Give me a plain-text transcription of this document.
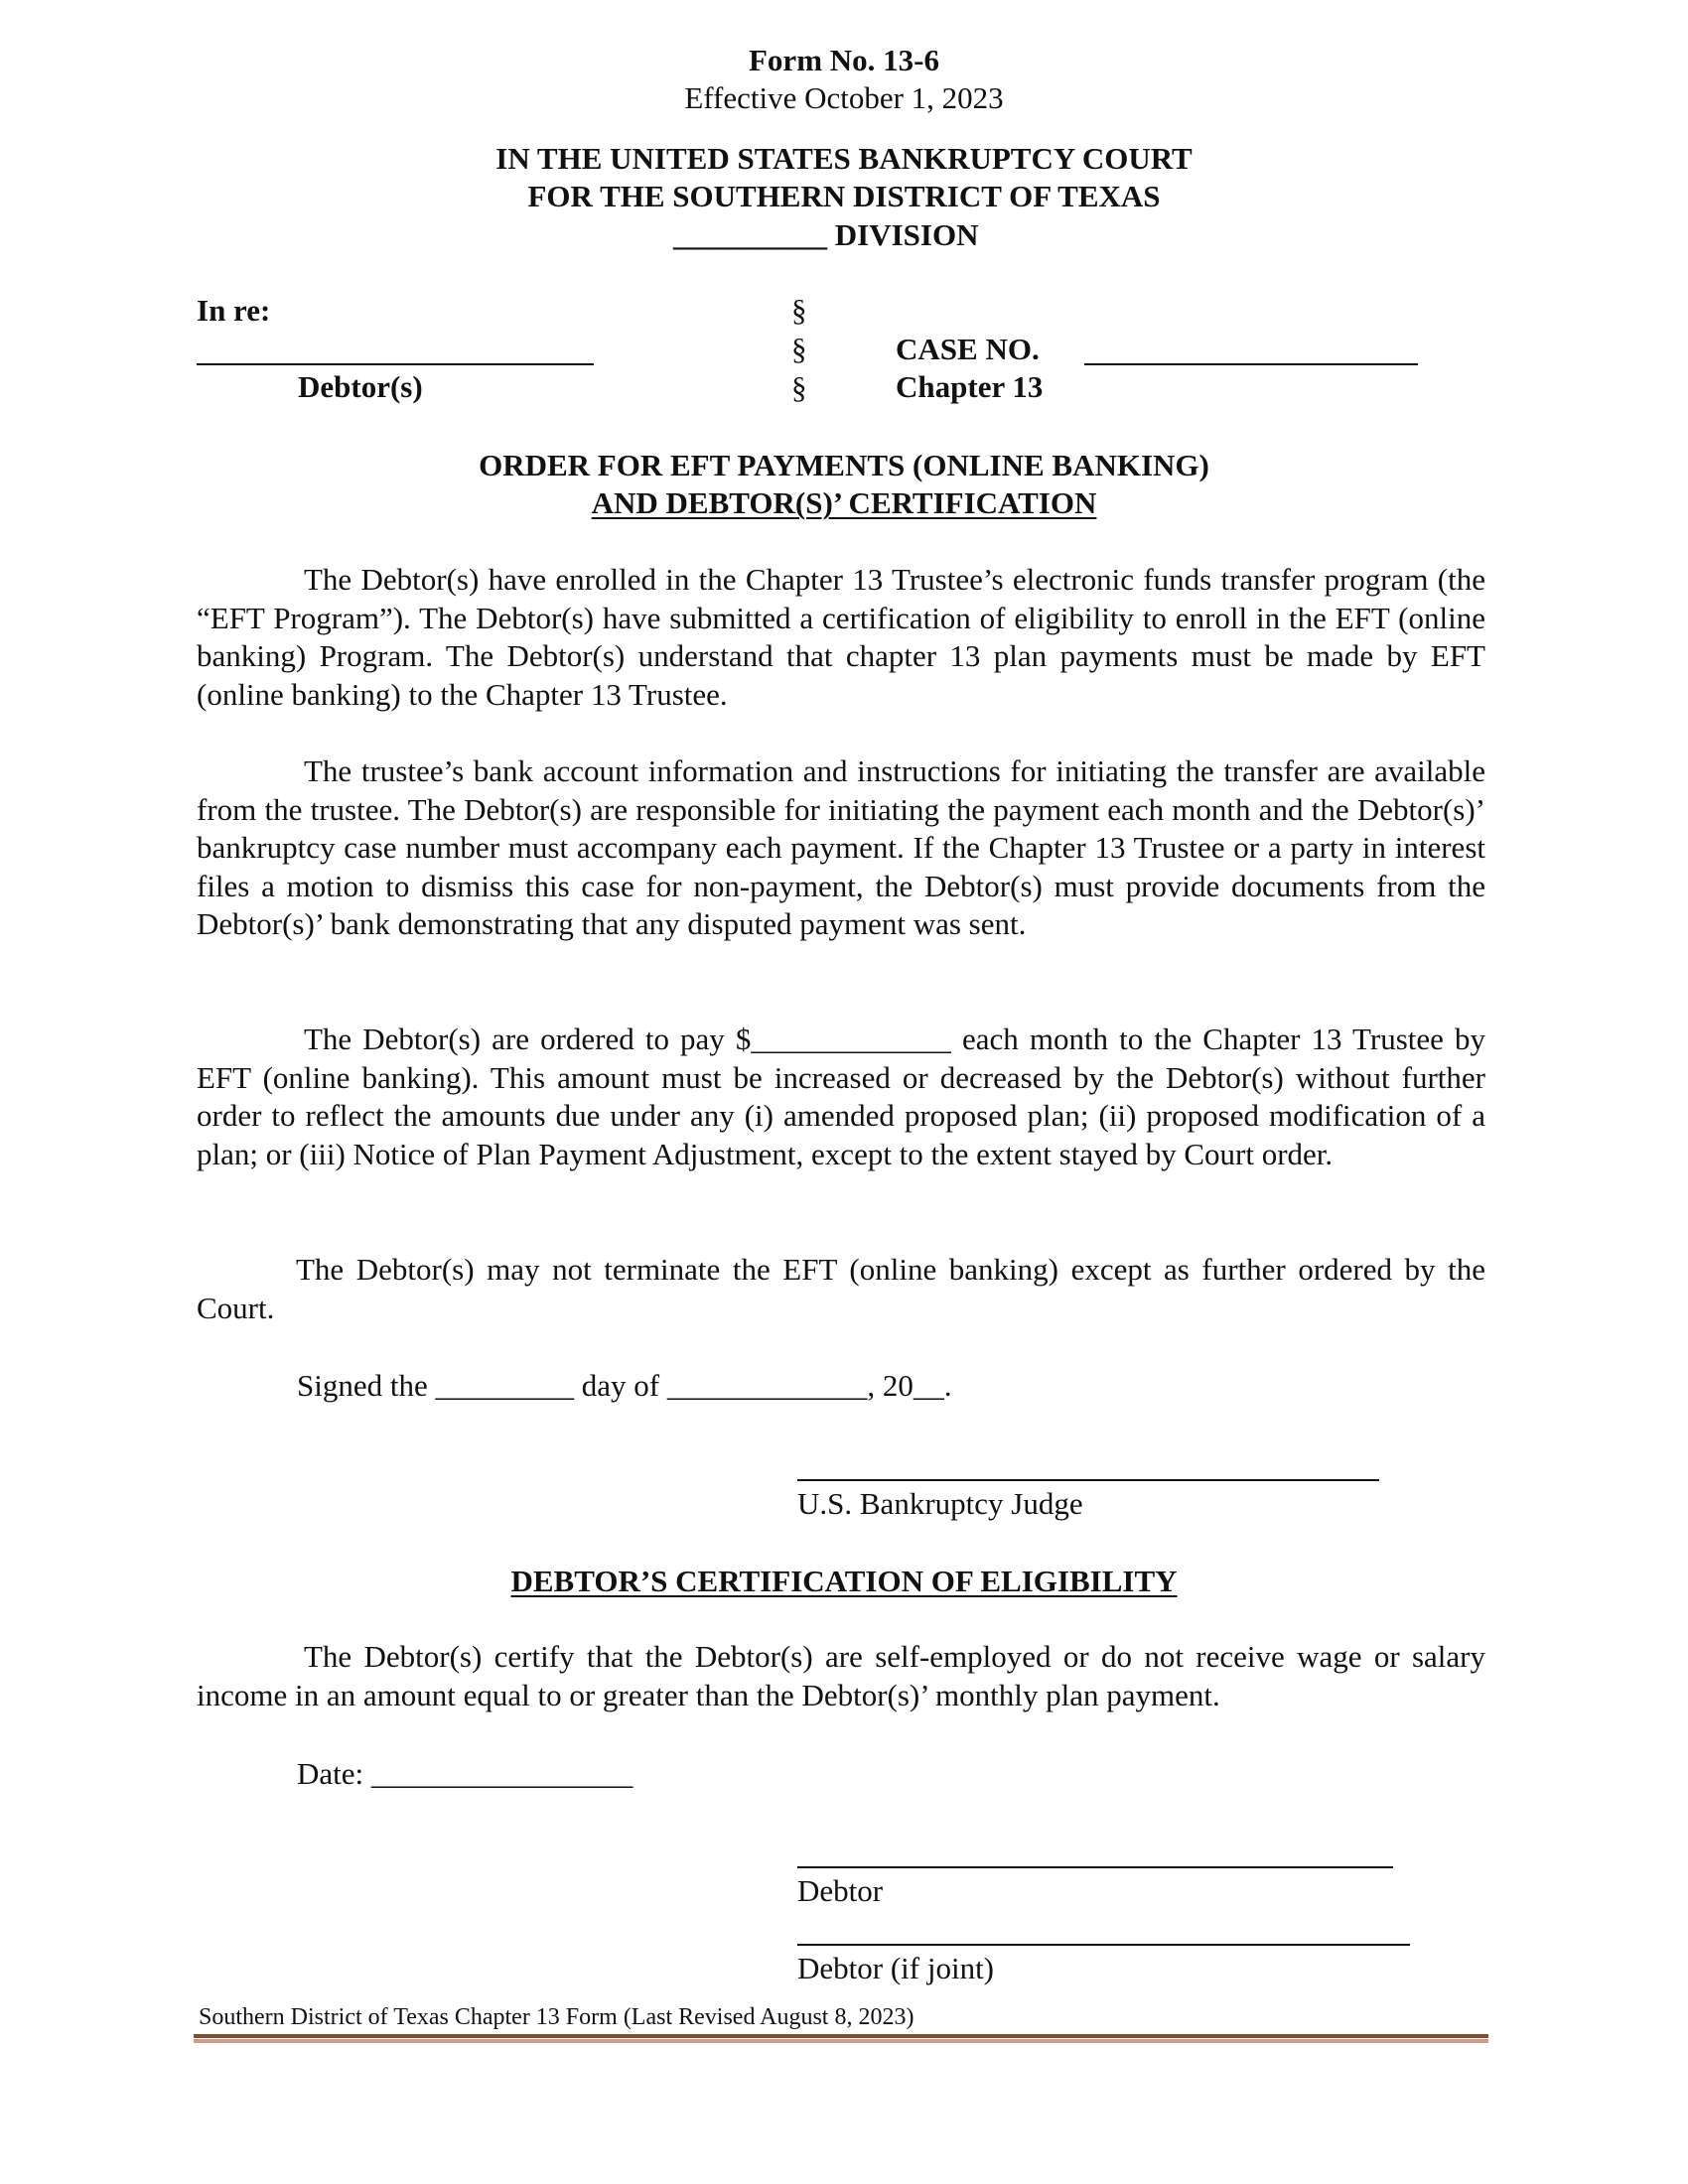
Form No. 13-6
Effective October 1, 2023
IN THE UNITED STATES BANKRUPTCY COURT
FOR THE SOUTHERN DISTRICT OF TEXAS
__________ DIVISION
In re:
Debtor(s)
§
§
§
CASE NO.
Chapter 13
ORDER FOR EFT PAYMENTS (ONLINE BANKING)
AND DEBTOR(S)’ CERTIFICATION
The Debtor(s) have enrolled in the Chapter 13 Trustee’s electronic funds transfer program (the “EFT Program”). The Debtor(s) have submitted a certification of eligibility to enroll in the EFT (online banking) Program. The Debtor(s) understand that chapter 13 plan payments must be made by EFT (online banking) to the Chapter 13 Trustee.
The trustee’s bank account information and instructions for initiating the transfer are available from the trustee. The Debtor(s) are responsible for initiating the payment each month and the Debtor(s)’ bankruptcy case number must accompany each payment. If the Chapter 13 Trustee or a party in interest files a motion to dismiss this case for non-payment, the Debtor(s) must provide documents from the Debtor(s)’ bank demonstrating that any disputed payment was sent.
The Debtor(s) are ordered to pay $_____________ each month to the Chapter 13 Trustee by EFT (online banking). This amount must be increased or decreased by the Debtor(s) without further order to reflect the amounts due under any (i) amended proposed plan; (ii) proposed modification of a plan; or (iii) Notice of Plan Payment Adjustment, except to the extent stayed by Court order.
The Debtor(s) may not terminate the EFT (online banking) except as further ordered by the Court.
Signed the _________ day of _____________, 20__.
U.S. Bankruptcy Judge
DEBTOR’S CERTIFICATION OF ELIGIBILITY
The Debtor(s) certify that the Debtor(s) are self-employed or do not receive wage or salary income in an amount equal to or greater than the Debtor(s)’ monthly plan payment.
Date: _________________
Debtor
Debtor (if joint)
Southern District of Texas Chapter 13 Form (Last Revised August 8, 2023)
